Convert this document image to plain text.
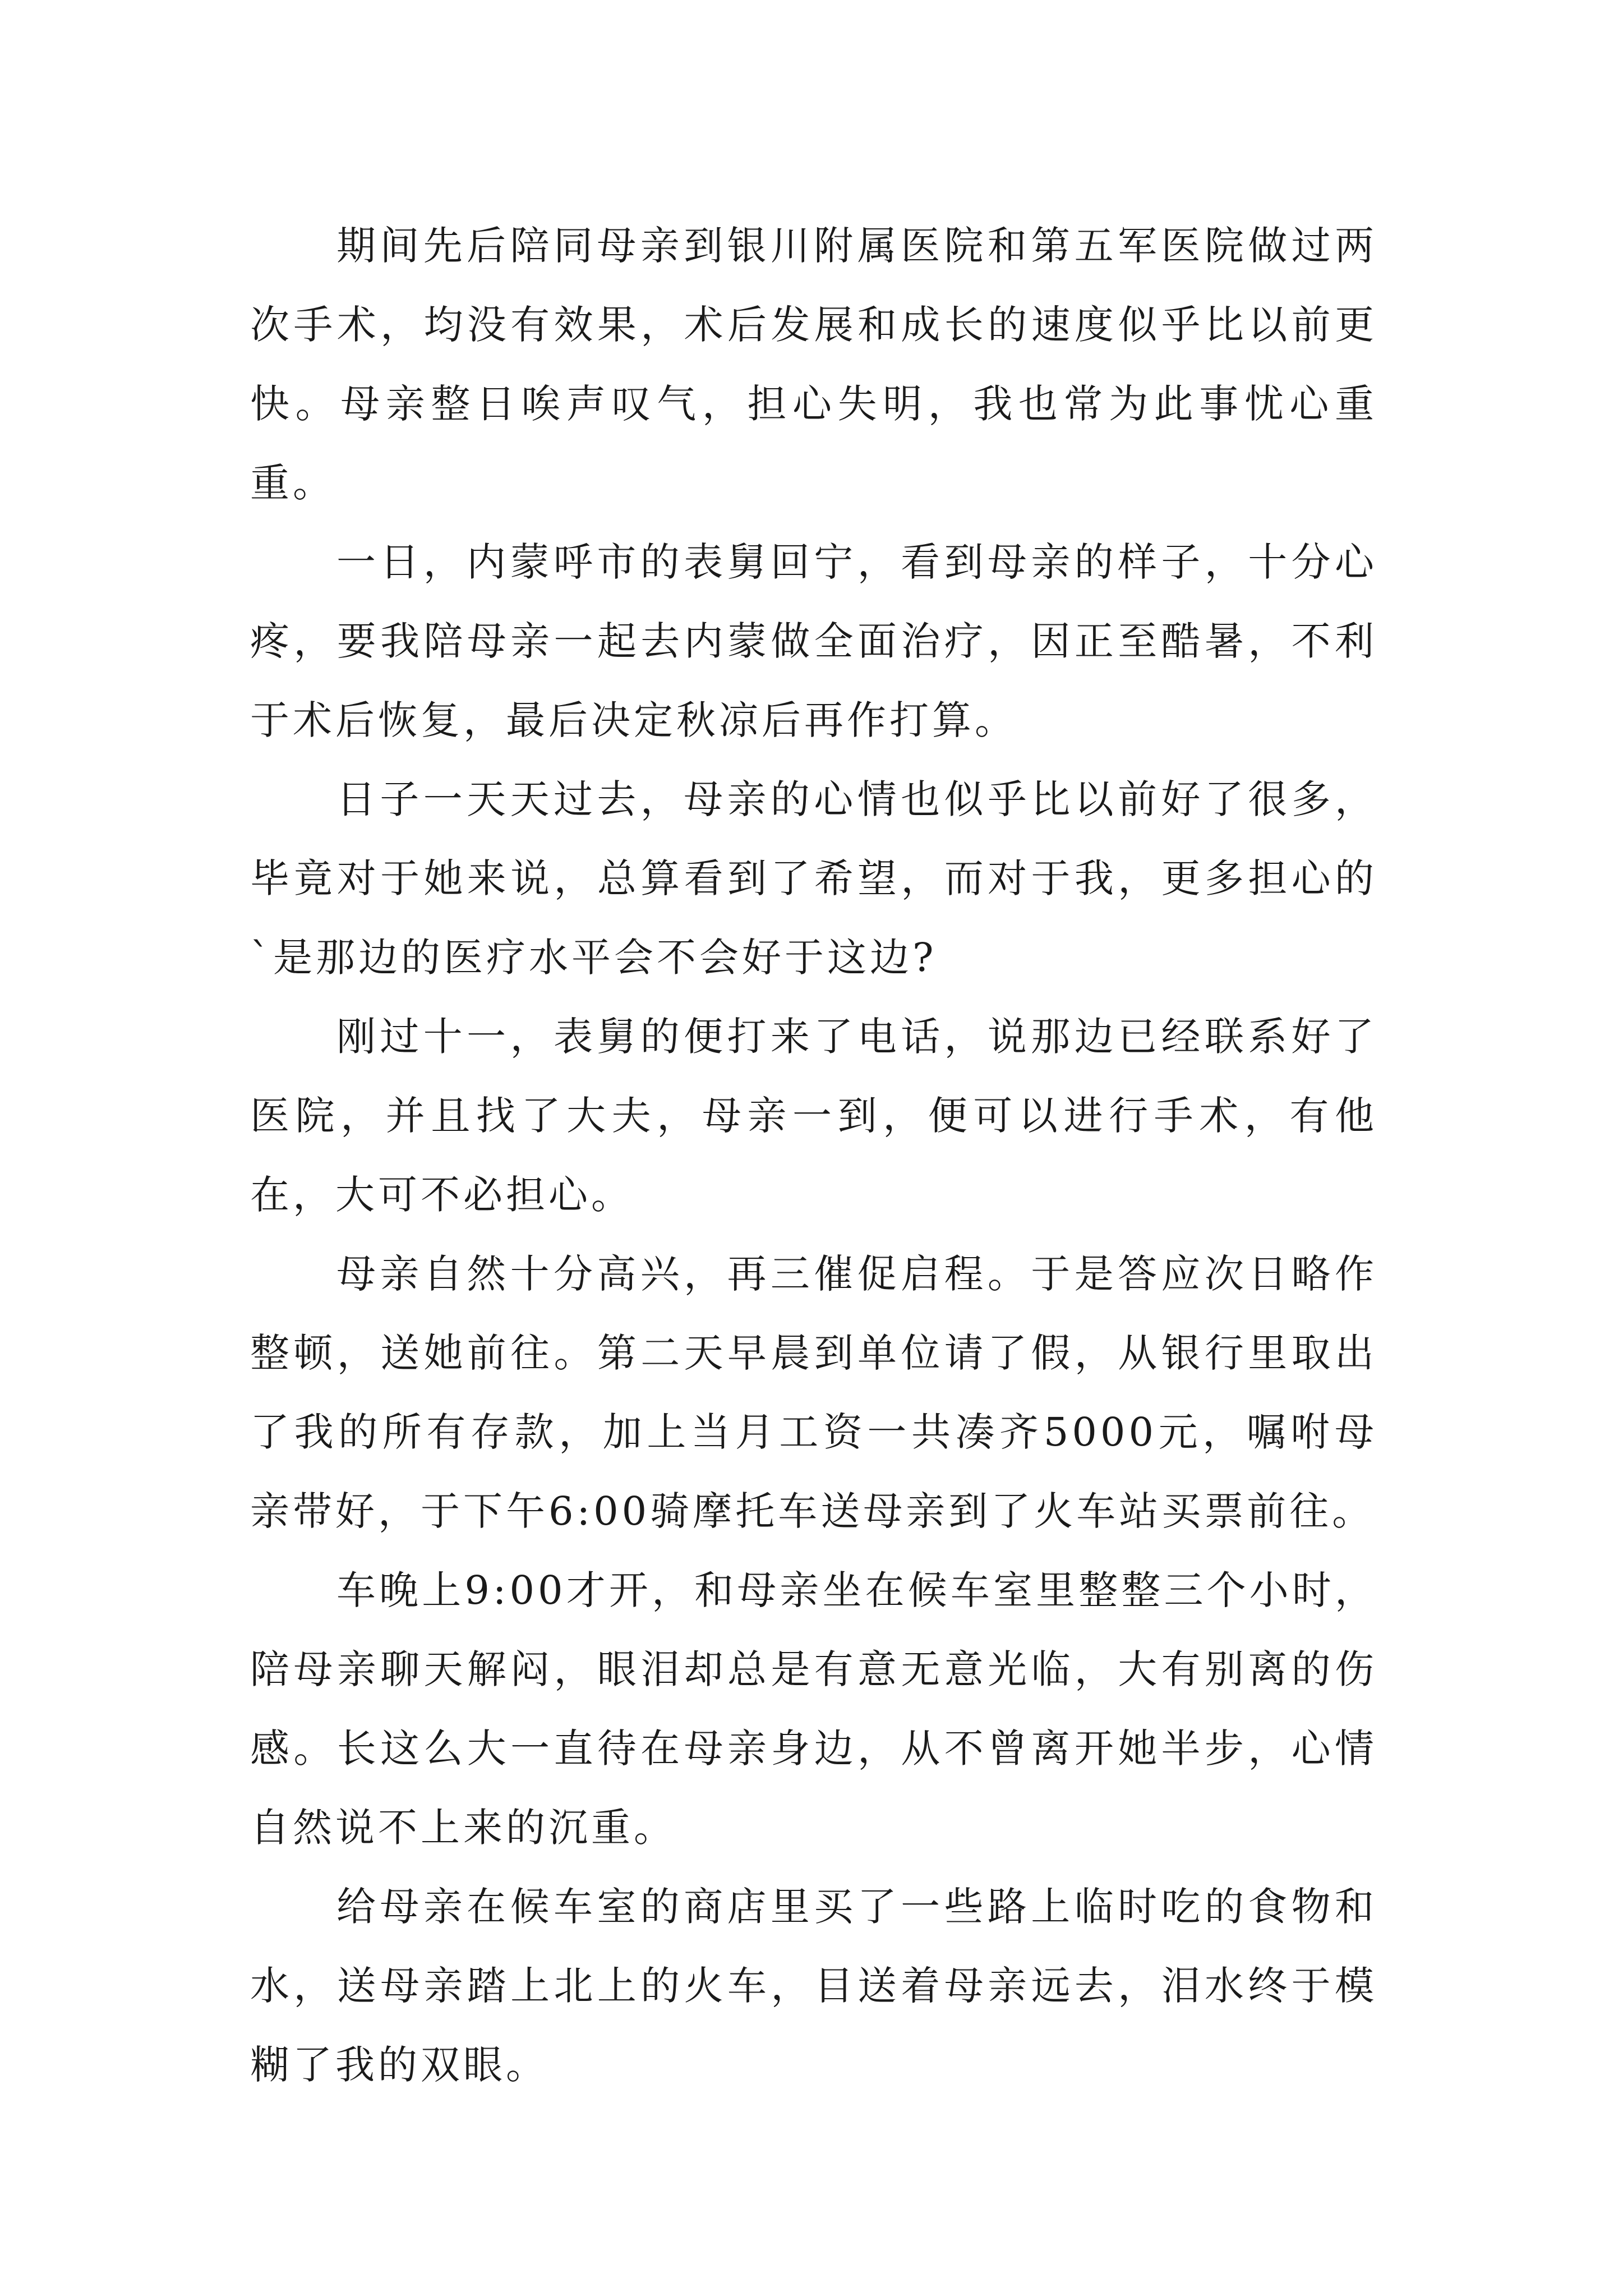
期间先后陪同母亲到银川附属医院和第五军医院做过两次手术，均没有效果，术后发展和成长的速度似乎比以前更快。母亲整日唉声叹气，担心失明，我也常为此事忧心重重。

一日，内蒙呼市的表舅回宁，看到母亲的样子，十分心疼，要我陪母亲一起去内蒙做全面治疗，因正至酷暑，不利于术后恢复，最后决定秋凉后再作打算。

日子一天天过去，母亲的心情也似乎比以前好了很多，毕竟对于她来说，总算看到了希望，而对于我，更多担心的`是那边的医疗水平会不会好于这边?

刚过十一，表舅的便打来了电话，说那边已经联系好了医院，并且找了大夫，母亲一到，便可以进行手术，有他在，大可不必担心。

母亲自然十分高兴，再三催促启程。于是答应次日略作整顿，送她前往。第二天早晨到单位请了假，从银行里取出了我的所有存款，加上当月工资一共凑齐5000元，嘱咐母亲带好，于下午6:00骑摩托车送母亲到了火车站买票前往。

车晚上9:00才开，和母亲坐在候车室里整整三个小时，陪母亲聊天解闷，眼泪却总是有意无意光临，大有别离的伤感。长这么大一直待在母亲身边，从不曾离开她半步，心情自然说不上来的沉重。

给母亲在候车室的商店里买了一些路上临时吃的食物和水，送母亲踏上北上的火车，目送着母亲远去，泪水终于模糊了我的双眼。
